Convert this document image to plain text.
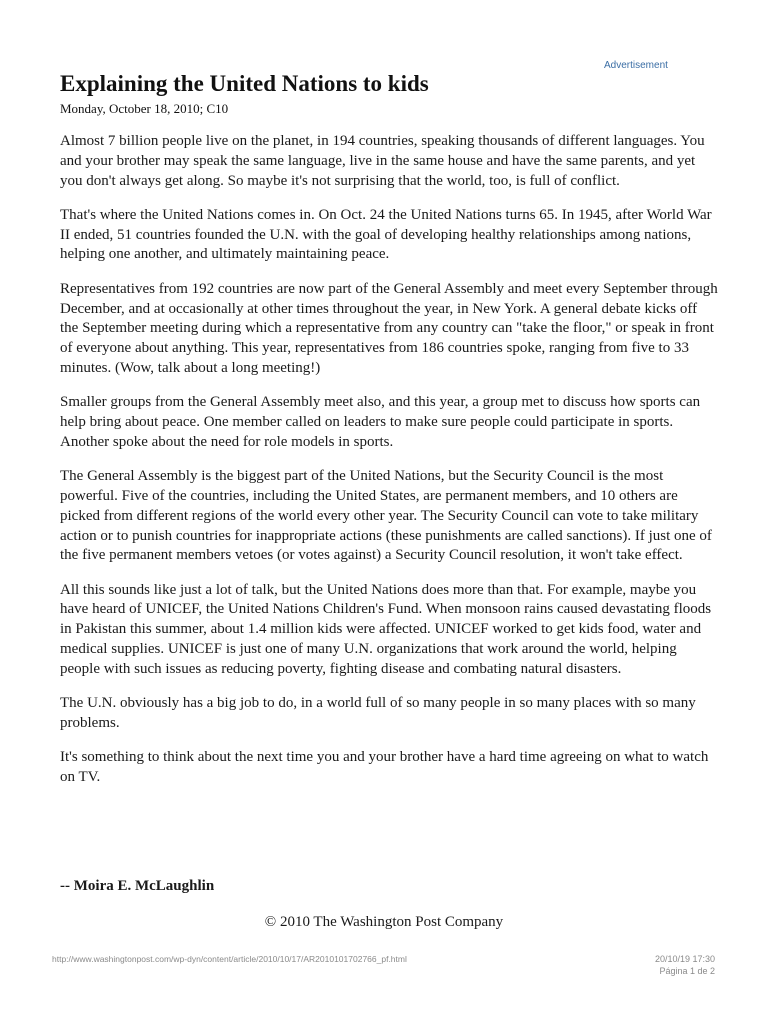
Explaining the United Nations to kids
Advertisement
Monday, October 18, 2010; C10

Almost 7 billion people live on the planet, in 194 countries, speaking thousands of different languages. You and your brother may speak the same language, live in the same house and have the same parents, and yet you don't always get along. So maybe it's not surprising that the world, too, is full of conflict.

That's where the United Nations comes in. On Oct. 24 the United Nations turns 65. In 1945, after World War II ended, 51 countries founded the U.N. with the goal of developing healthy relationships among nations, helping one another, and ultimately maintaining peace.

Representatives from 192 countries are now part of the General Assembly and meet every September through December, and at occasionally at other times throughout the year, in New York. A general debate kicks off the September meeting during which a representative from any country can "take the floor," or speak in front of everyone about anything. This year, representatives from 186 countries spoke, ranging from five to 33 minutes. (Wow, talk about a long meeting!)

Smaller groups from the General Assembly meet also, and this year, a group met to discuss how sports can help bring about peace. One member called on leaders to make sure people could participate in sports. Another spoke about the need for role models in sports.

The General Assembly is the biggest part of the United Nations, but the Security Council is the most powerful. Five of the countries, including the United States, are permanent members, and 10 others are picked from different regions of the world every other year. The Security Council can vote to take military action or to punish countries for inappropriate actions (these punishments are called sanctions). If just one of the five permanent members vetoes (or votes against) a Security Council resolution, it won't take effect.

All this sounds like just a lot of talk, but the United Nations does more than that. For example, maybe you have heard of UNICEF, the United Nations Children's Fund. When monsoon rains caused devastating floods in Pakistan this summer, about 1.4 million kids were affected. UNICEF worked to get kids food, water and medical supplies. UNICEF is just one of many U.N. organizations that work around the world, helping people with such issues as reducing poverty, fighting disease and combating natural disasters.

The U.N. obviously has a big job to do, in a world full of so many people in so many places with so many problems.

It's something to think about the next time you and your brother have a hard time agreeing on what to watch on TV.

-- Moira E. McLaughlin
© 2010 The Washington Post Company
http://www.washingtonpost.com/wp-dyn/content/article/2010/10/17/AR2010101702766_pf.html	20/10/19 17:30
Página 1 de 2
